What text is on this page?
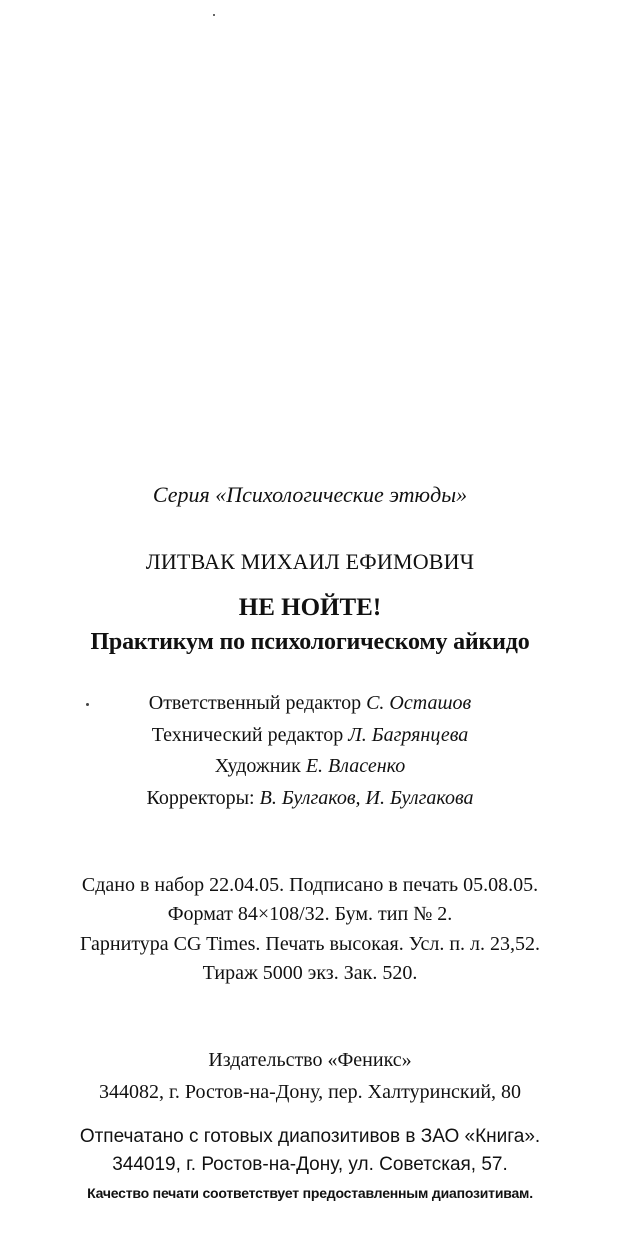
Серия «Психологические этюды»
ЛИТВАК МИХАИЛ ЕФИМОВИЧ
НЕ НОЙТЕ!
Практикум по психологическому айкидо
Ответственный редактор С. Осташов
Технический редактор Л. Багрянцева
Художник Е. Власенко
Корректоры: В. Булгаков, И. Булгакова
Сдано в набор 22.04.05. Подписано в печать 05.08.05.
Формат 84×108/32. Бум. тип № 2.
Гарнитура CG Times. Печать высокая. Усл. п. л. 23,52.
Тираж 5000 экз. Зак. 520.
Издательство «Феникс»
344082, г. Ростов-на-Дону, пер. Халтуринский, 80
Отпечатано с готовых диапозитивов в ЗАО «Книга».
344019, г. Ростов-на-Дону, ул. Советская, 57.
Качество печати соответствует предоставленным диапозитивам.
